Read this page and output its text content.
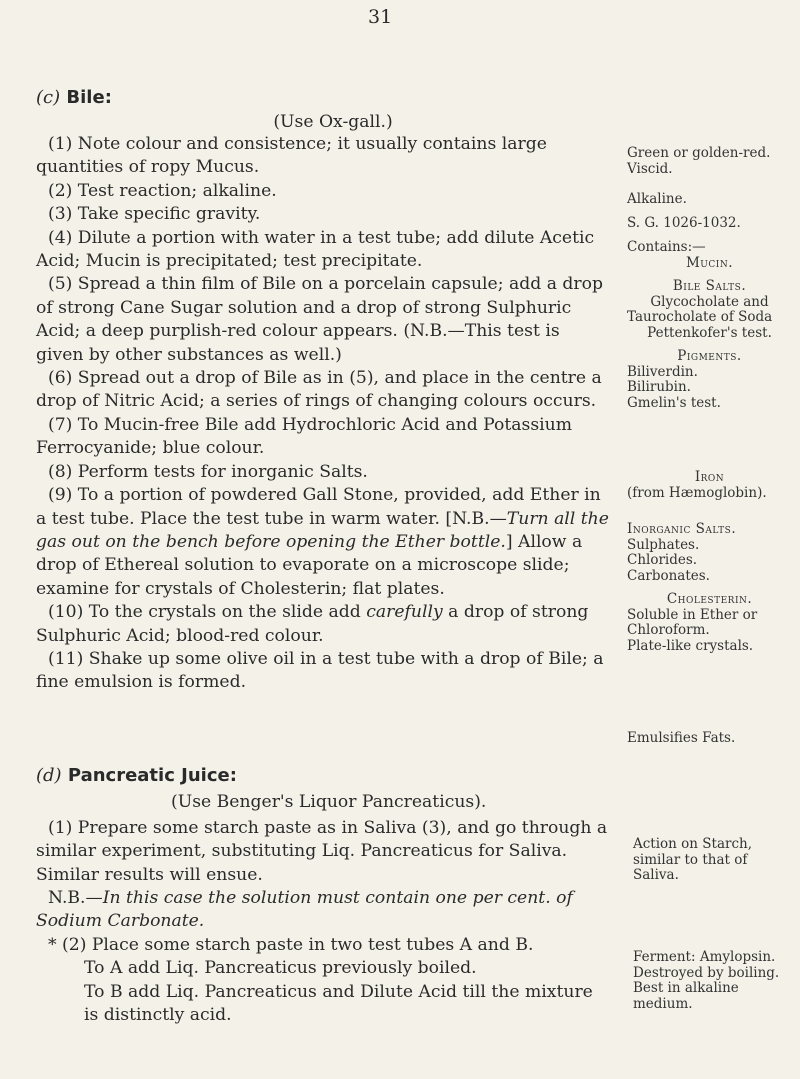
31

(c) Bile:

(Use Ox-gall.)

(1) Note colour and consistence; it usually contains large quantities of ropy Mucus.

(2) Test reaction; alkaline.

(3) Take specific gravity.

(4) Dilute a portion with water in a test tube; add dilute Acetic Acid; Mucin is precipitated; test precipitate.

(5) Spread a thin film of Bile on a porcelain capsule; add a drop of strong Cane Sugar solution and a drop of strong Sulphuric Acid; a deep purplish-red colour appears. (N.B.—This test is given by other substances as well.)

(6) Spread out a drop of Bile as in (5), and place in the centre a drop of Nitric Acid; a series of rings of changing colours occurs.

(7) To Mucin-free Bile add Hydrochloric Acid and Potassium Ferrocyanide; blue colour.

(8) Perform tests for inorganic Salts.

(9) To a portion of powdered Gall Stone, provided, add Ether in a test tube. Place the test tube in warm water. [N.B.—Turn all the gas out on the bench before opening the Ether bottle.] Allow a drop of Ethereal solution to evaporate on a microscope slide; examine for crystals of Cholesterin; flat plates.

(10) To the crystals on the slide add carefully a drop of strong Sulphuric Acid; blood-red colour.

(11) Shake up some olive oil in a test tube with a drop of Bile; a fine emulsion is formed.

(d) Pancreatic Juice:

(Use Benger's Liquor Pancreaticus).

(1) Prepare some starch paste as in Saliva (3), and go through a similar experiment, substituting Liq. Pancreaticus for Saliva. Similar results will ensue.

N.B.—In this case the solution must contain one per cent. of Sodium Carbonate.

* (2) Place some starch paste in two test tubes A and B.

To A add Liq. Pancreaticus previously boiled.

To B add Liq. Pancreaticus and Dilute Acid till the mixture is distinctly acid.

Green or golden-red. Viscid.
Alkaline.
S. G. 1026-1032.

Contains:—

Mucin.

Bile Salts.

Glycocholate and

Taurocholate of Soda

Pettenkofer's test.

Pigments.

Biliverdin.

Bilirubin.

Gmelin's test.

Iron

(from Hæmoglobin).

Inorganic Salts.

Sulphates.

Chlorides.

Carbonates.

Cholesterin.

Soluble in Ether or Chloroform.

Plate-like crystals.

Emulsifies Fats.
Action on Starch, similar to that of Saliva.

Ferment: Amylopsin.

Destroyed by boiling.

Best in alkaline medium.
